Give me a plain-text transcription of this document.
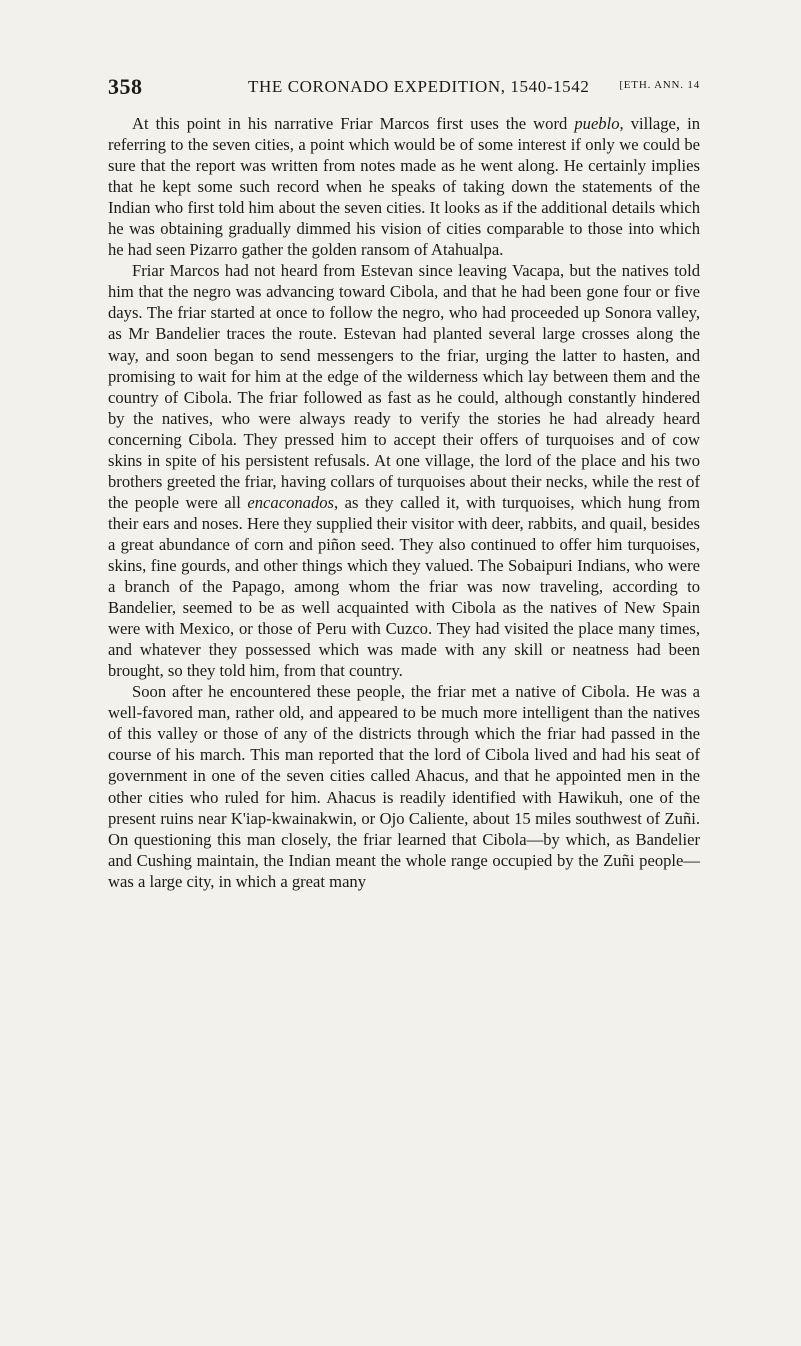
358	THE CORONADO EXPEDITION, 1540-1542	[ETH. ANN. 14

At this point in his narrative Friar Marcos first uses the word pueblo, village, in referring to the seven cities, a point which would be of some interest if only we could be sure that the report was written from notes made as he went along. He certainly implies that he kept some such record when he speaks of taking down the statements of the Indian who first told him about the seven cities. It looks as if the additional details which he was obtaining gradually dimmed his vision of cities comparable to those into which he had seen Pizarro gather the golden ransom of Atahualpa.

Friar Marcos had not heard from Estevan since leaving Vacapa, but the natives told him that the negro was advancing toward Cibola, and that he had been gone four or five days. The friar started at once to follow the negro, who had proceeded up Sonora valley, as Mr Bandelier traces the route. Estevan had planted several large crosses along the way, and soon began to send messengers to the friar, urging the latter to hasten, and promising to wait for him at the edge of the wilderness which lay between them and the country of Cibola. The friar followed as fast as he could, although constantly hindered by the natives, who were always ready to verify the stories he had already heard concerning Cibola. They pressed him to accept their offers of turquoises and of cow skins in spite of his persistent refusals. At one village, the lord of the place and his two brothers greeted the friar, having collars of turquoises about their necks, while the rest of the people were all encaconados, as they called it, with turquoises, which hung from their ears and noses. Here they supplied their visitor with deer, rabbits, and quail, besides a great abundance of corn and piñon seed. They also continued to offer him turquoises, skins, fine gourds, and other things which they valued. The Sobaipuri Indians, who were a branch of the Papago, among whom the friar was now traveling, according to Bandelier, seemed to be as well acquainted with Cibola as the natives of New Spain were with Mexico, or those of Peru with Cuzco. They had visited the place many times, and whatever they possessed which was made with any skill or neatness had been brought, so they told him, from that country.

Soon after he encountered these people, the friar met a native of Cibola. He was a well-favored man, rather old, and appeared to be much more intelligent than the natives of this valley or those of any of the districts through which the friar had passed in the course of his march. This man reported that the lord of Cibola lived and had his seat of government in one of the seven cities called Ahacus, and that he appointed men in the other cities who ruled for him. Ahacus is readily identified with Hawikuh, one of the present ruins near K'iap-kwainakwin, or Ojo Caliente, about 15 miles southwest of Zuñi. On questioning this man closely, the friar learned that Cibola—by which, as Bandelier and Cushing maintain, the Indian meant the whole range occupied by the Zuñi people—was a large city, in which a great many
